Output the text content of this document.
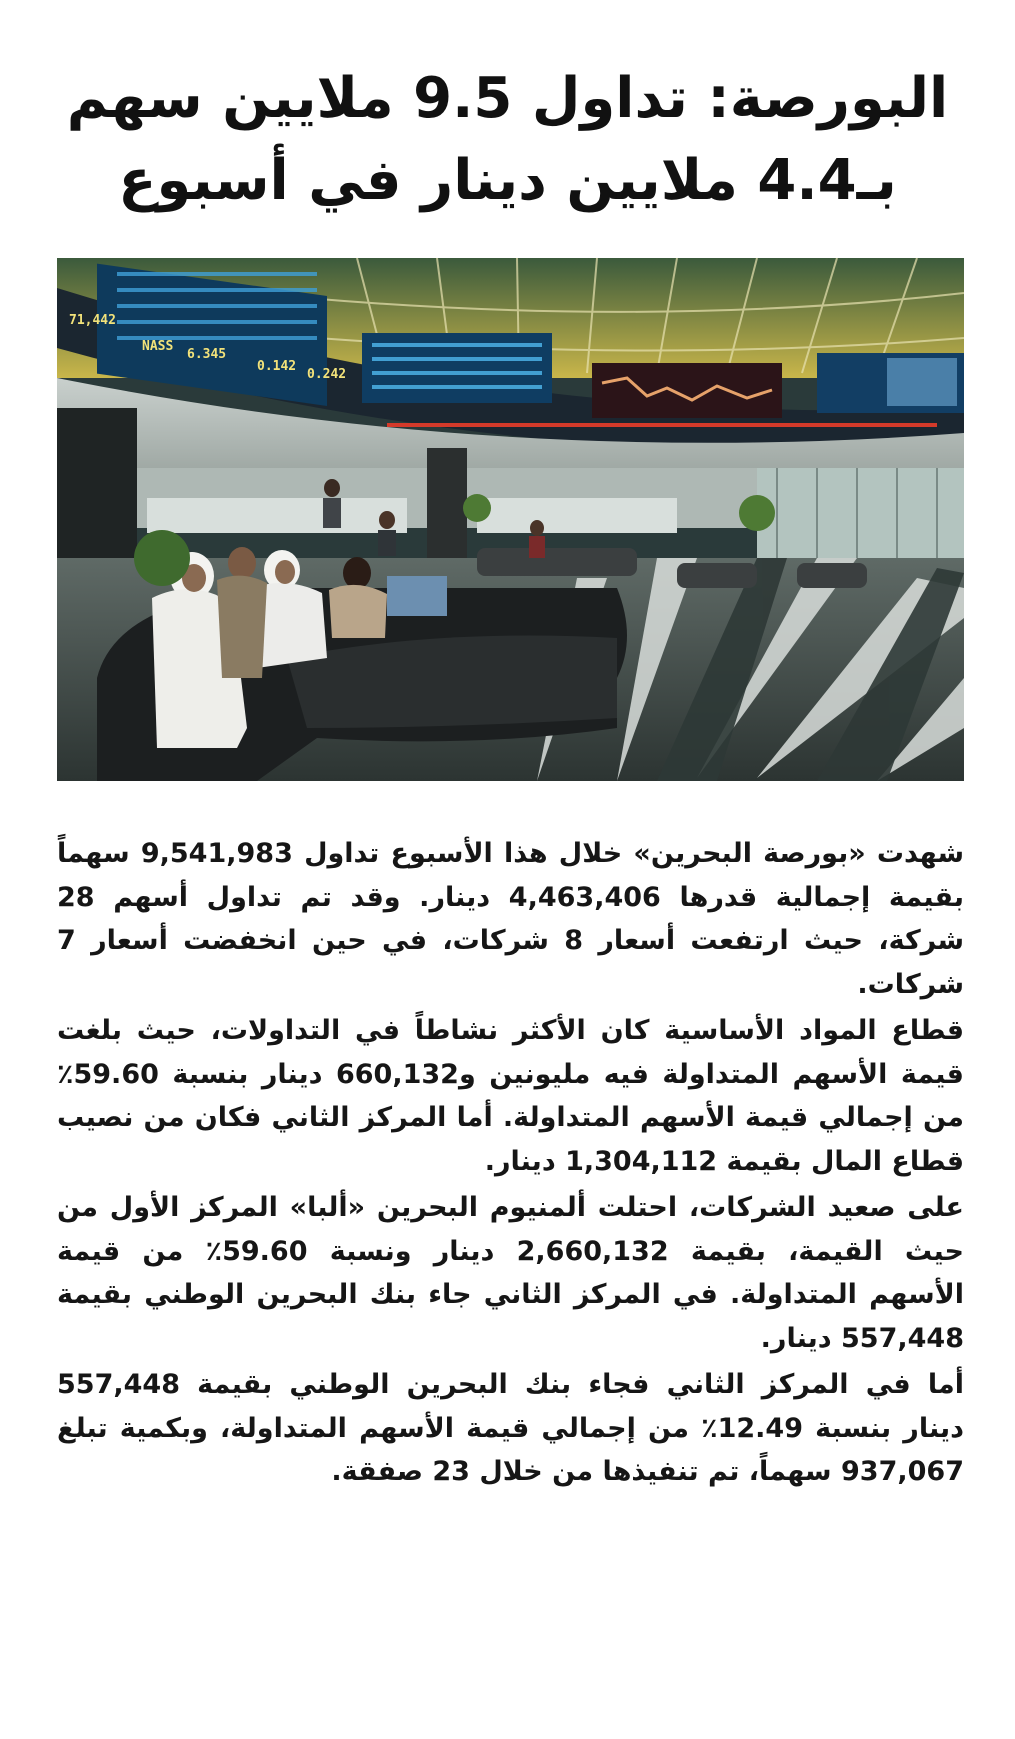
البورصة: تداول 9.5 ملايين سهم
بـ4.4 ملايين دينار في أسبوع
71,442
NASS
6.345
0.142
0.242

شهدت «بورصة البحرين» خلال هذا الأسبوع تداول 9,541,983 سهماً بقيمة إجمالية قدرها 4,463,406 دينار. وقد تم تداول أسهم 28 شركة، حيث ارتفعت أسعار 8 شركات، في حين انخفضت أسعار 7 شركات.

قطاع المواد الأساسية كان الأكثر نشاطاً في التداولات، حيث بلغت قيمة الأسهم المتداولة فيه مليونين و660,132 دينار بنسبة 59.60٪ من إجمالي قيمة الأسهم المتداولة. أما المركز الثاني فكان من نصيب قطاع المال بقيمة 1,304,112 دينار.

على صعيد الشركات، احتلت ألمنيوم البحرين «ألبا» المركز الأول من حيث القيمة، بقيمة 2,660,132 دينار ونسبة 59.60٪ من قيمة الأسهم المتداولة. في المركز الثاني جاء بنك البحرين الوطني بقيمة 557,448 دينار.

أما في المركز الثاني فجاء بنك البحرين الوطني بقيمة 557,448 دينار بنسبة 12.49٪ من إجمالي قيمة الأسهم المتداولة، وبكمية تبلغ 937,067 سهماً، تم تنفيذها من خلال 23 صفقة.
